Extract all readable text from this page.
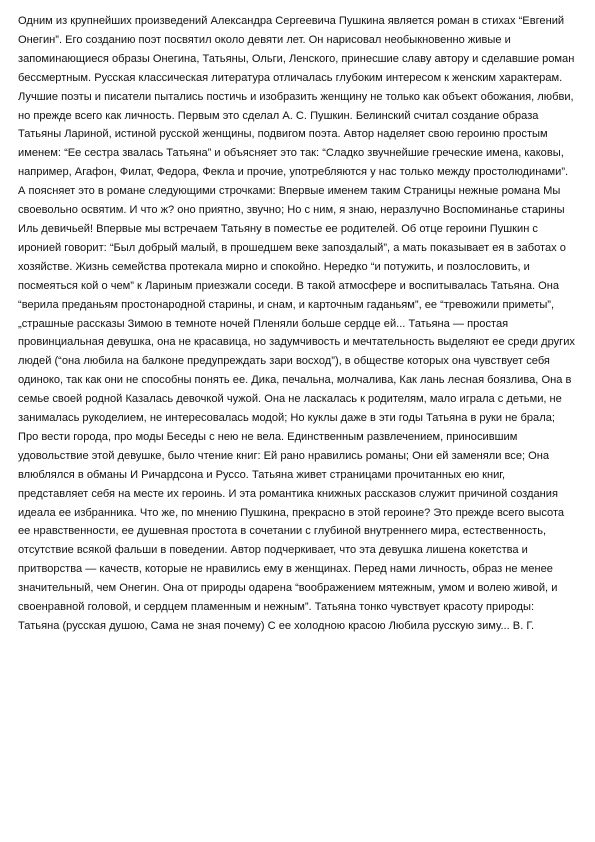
Одним из крупнейших произведений Александра Сергеевича Пушкина является роман в стихах “Евгений Онегин”. Его созданию поэт посвятил около девяти лет. Он нарисовал необыкновенно живые и запоминающиеся образы Онегина, Татьяны, Ольги, Ленского, принесшие славу автору и сделавшие роман бессмертным. Русская классическая литература отличалась глубоким интересом к женским характерам. Лучшие поэты и писатели пытались постичь и изобразить женщину не только как объект обожания, любви, но прежде всего как личность. Первым это сделал А. С. Пушкин. Белинский считал создание образа Татьяны Лариной, истиной русской женщины, подвигом поэта. Автор наделяет свою героиню простым именем: “Ее сестра звалась Татьяна” и объясняет это так: “Сладко звучнейшие греческие имена, каковы, например, Агафон, Филат, Федора, Фекла и прочие, употребляются у нас только между простолюдинами”. А поясняет это в романе следующими строчками: Впервые именем таким Страницы нежные романа Мы своевольно освятим. И что ж? оно приятно, звучно; Но с ним, я знаю, неразлучно Воспоминанье старины Иль девичьей! Впервые мы встречаем Татьяну в поместье ее родителей. Об отце героини Пушкин с иронией говорит: “Был добрый малый, в прошедшем веке запоздалый”, а мать показывает ея в заботах о хозяйстве. Жизнь семейства протекала мирно и спокойно. Нередко “и потужить, и позлословить, и посмеяться кой о чем” к Лариным приезжали соседи. В такой атмосфере и воспитывалась Татьяна. Она “верила преданьям простонародной старины, и снам, и карточным гаданьям”, ее “тревожили приметы”, „страшные рассказы Зимою в темноте ночей Пленяли больше сердце ей... Татьяна — простая провинциальная девушка, она не красавица, но задумчивость и мечтательность выделяют ее среди других людей (“она любила на балконе предупреждать зари восход”), в обществе которых она чувствует себя одиноко, так как они не способны понять ее. Дика, печальна, молчалива, Как лань лесная боязлива, Она в семье своей родной Казалась девочкой чужой. Она не ласкалась к родителям, мало играла с детьми, не занималась рукоделием, не интересовалась модой; Но куклы даже в эти годы Татьяна в руки не брала; Про вести города, про моды Беседы с нею не вела. Единственным развлечением, приносившим удовольствие этой девушке, было чтение книг: Ей рано нравились романы; Они ей заменяли все; Она влюблялся в обманы И Ричардсона и Руссо. Татьяна живет страницами прочитанных ею книг, представляет себя на месте их героинь. И эта романтика книжных рассказов служит причиной создания идеала ее избранника. Что же, по мнению Пушкина, прекрасно в этой героине? Это прежде всего высота ее нравственности, ее душевная простота в сочетании с глубиной внутреннего мира, естественность, отсутствие всякой фальши в поведении. Автор подчеркивает, что эта девушка лишена кокетства и притворства — качеств, которые не нравились ему в женщинах. Перед нами личность, образ не менее значительный, чем Онегин. Она от природы одарена “воображением мятежным, умом и волею живой, и своенравной головой, и сердцем пламенным и нежным”. Татьяна тонко чувствует красоту природы: Татьяна (русская душою, Сама не зная почему) С ее холодною красою Любила русскую зиму... В. Г.
